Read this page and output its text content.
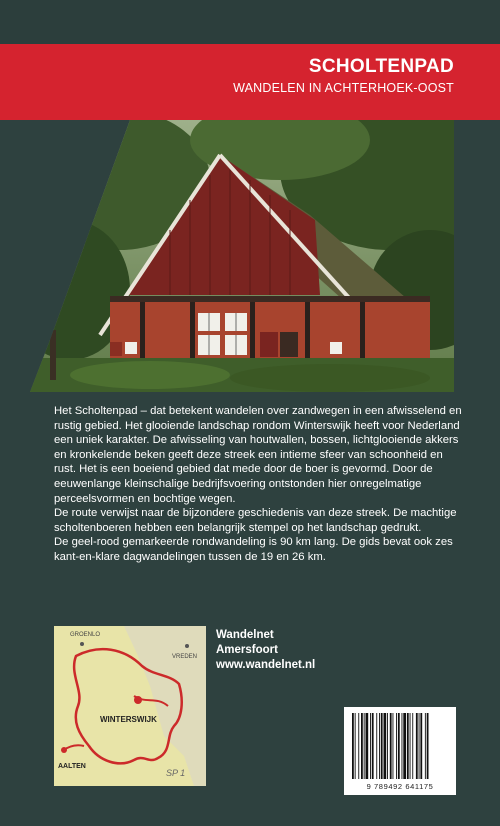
SCHOLTENPAD
WANDELEN IN ACHTERHOEK-OOST

Het Scholtenpad – dat betekent wandelen over zandwegen in een afwisselend en rustig gebied. Het glooiende landschap rondom Winterswijk heeft voor Nederland een uniek karakter. De afwisseling van houtwallen, bossen, lichtglooiende akkers en kronkelende beken geeft deze streek een intieme sfeer van schoonheid en rust. Het is een boeiend gebied dat mede door de boer is gevormd. Door de eeuwenlange kleinschalige bedrijfsvoering ontstonden hier onregelmatige perceelsvormen en bochtige wegen.

De route verwijst naar de bijzondere geschiedenis van deze streek. De machtige scholtenboeren hebben een belangrijk stempel op het landschap gedrukt.

De geel-rood gemarkeerde rondwandeling is 90 km lang. De gids bevat ook zes kant-en-klare dagwandelingen tussen de 19 en 26 km.

GROENLO
VREDEN
WINTERSWIJK
AALTEN
SP 1
Wandelnet
Amersfoort
www.wandelnet.nl
9 789492 641175
